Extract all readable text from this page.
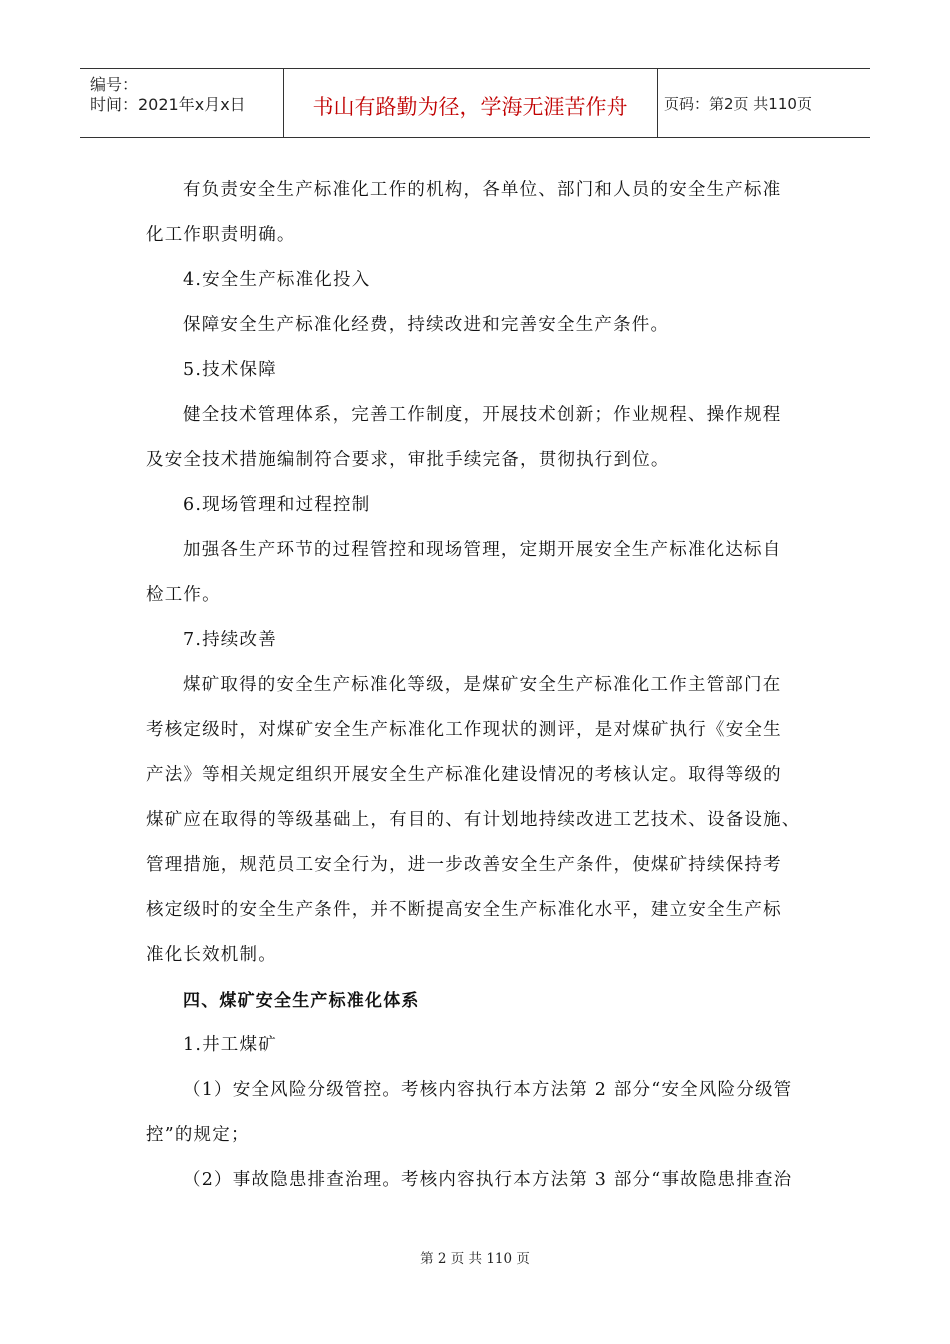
编号：
时间：2021年x月x日	书山有路勤为径，学海无涯苦作舟	页码：第2页 共110页
有负责安全生产标准化工作的机构，各单位、部门和人员的安全生产标准
化工作职责明确。
4.安全生产标准化投入
保障安全生产标准化经费，持续改进和完善安全生产条件。
5.技术保障
健全技术管理体系，完善工作制度，开展技术创新；作业规程、操作规程
及安全技术措施编制符合要求，审批手续完备，贯彻执行到位。
6.现场管理和过程控制
加强各生产环节的过程管控和现场管理，定期开展安全生产标准化达标自
检工作。
7.持续改善
煤矿取得的安全生产标准化等级，是煤矿安全生产标准化工作主管部门在
考核定级时，对煤矿安全生产标准化工作现状的测评，是对煤矿执行《安全生
产法》等相关规定组织开展安全生产标准化建设情况的考核认定。取得等级的
煤矿应在取得的等级基础上，有目的、有计划地持续改进工艺技术、设备设施、
管理措施，规范员工安全行为，进一步改善安全生产条件，使煤矿持续保持考
核定级时的安全生产条件，并不断提高安全生产标准化水平，建立安全生产标
准化长效机制。
四、煤矿安全生产标准化体系
1.井工煤矿
（1）安全风险分级管控。考核内容执行本方法第 2 部分“安全风险分级管
控”的规定；
（2）事故隐患排查治理。考核内容执行本方法第 3 部分“事故隐患排查治
第 2 页 共 110 页
